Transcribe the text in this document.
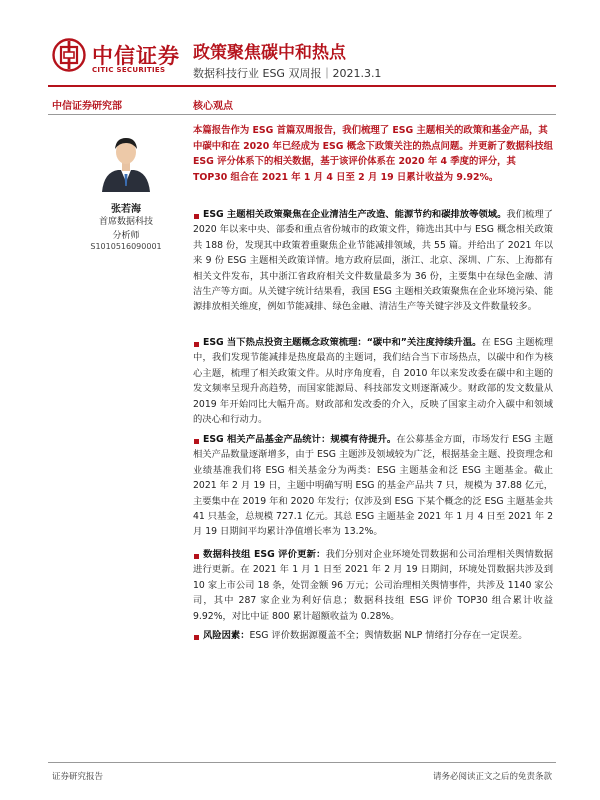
中信证券
CITIC SECURITIES
政策聚焦碳中和热点
数据科技行业 ESG 双周报｜2021.3.1
中信证券研究部	核心观点
张若海
首席数据科技
分析师
S1010516090001
本篇报告作为 ESG 首篇双周报告，我们梳理了 ESG 主题相关的政策和基金产品，其中碳中和在 2020 年已经成为 ESG 概念下政策关注的热点问题。并更新了数据科技组 ESG 评分体系下的相关数据，基于该评价体系在 2020 年 4 季度的评分，其 TOP30 组合在 2021 年 1 月 4 日至 2 月 19 日累计收益为 9.92%。
ESG 主题相关政策聚焦在企业清洁生产改造、能源节约和碳排放等领域。我们梳理了 2020 年以来中央、部委和重点省份城市的政策文件，筛选出其中与 ESG 概念相关政策共 188 份，发现其中政策着重聚焦企业节能减排领域，共 55 篇。并给出了 2021 年以来 9 份 ESG 主题相关政策详情。地方政府层面，浙江、北京、深圳、广东、上海都有相关文件发布，其中浙江省政府相关文件数量最多为 36 份，主要集中在绿色金融、清洁生产等方面。从关键字统计结果看，我国 ESG 主题相关政策聚焦在企业环境污染、能源排放相关维度，例如节能减排、绿色金融、清洁生产等关键字涉及文件数量较多。
ESG 当下热点投资主题概念政策梳理：“碳中和”关注度持续升温。在 ESG 主题梳理中，我们发现节能减排是热度最高的主题词，我们结合当下市场热点，以碳中和作为核心主题，梳理了相关政策文件。从时序角度看，自 2010 年以来发改委在碳中和主题的发文频率呈现升高趋势，而国家能源局、科技部发文则逐渐减少。财政部的发文数量从 2019 年开始同比大幅升高。财政部和发改委的介入，反映了国家主动介入碳中和领域的决心和行动力。
ESG 相关产品基金产品统计：规模有待提升。在公募基金方面，市场发行 ESG 主题相关产品数量逐渐增多，由于 ESG 主题涉及领域较为广泛，根据基金主题、投资理念和业绩基准我们将 ESG 相关基金分为两类：ESG 主题基金和泛 ESG 主题基金。截止 2021 年 2 月 19 日，主题中明确写明 ESG 的基金产品共 7 只，规模为 37.88 亿元，主要集中在 2019 年和 2020 年发行；仅涉及到 ESG 下某个概念的泛 ESG 主题基金共 41 只基金，总规模 727.1 亿元。其总 ESG 主题基金 2021 年 1 月 4 日至 2021 年 2 月 19 日期间平均累计净值增长率为 13.2%。
数据科技组 ESG 评价更新：我们分别对企业环境处罚数据和公司治理相关舆情数据进行更新。在 2021 年 1 月 1 日至 2021 年 2 月 19 日期间，环境处罚数据共涉及到 10 家上市公司 18 条，处罚金额 96 万元；公司治理相关舆情事件，共涉及 1140 家公司，其中 287 家企业为利好信息；数据科技组 ESG 评价 TOP30 组合累计收益 9.92%，对比中证 800 累计超额收益为 0.28%。
风险因素：ESG 评价数据源覆盖不全；舆情数据 NLP 情绪打分存在一定误差。
证券研究报告	请务必阅读正文之后的免责条款
